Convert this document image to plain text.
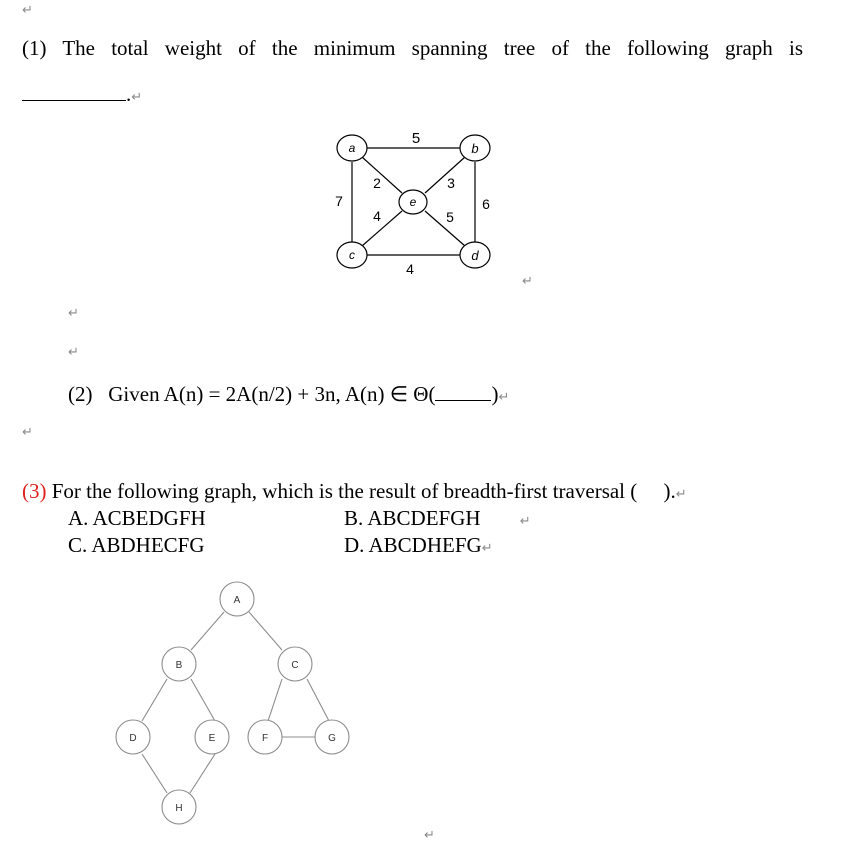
↵
(1) The total weight of the minimum spanning tree of the following graph is
.↵
a	b
e
c	d
5
7	6
4
2	3
4	5
↵
↵
↵
(2) Given A(n) = 2A(n/2) + 3n, A(n) ∈ Θ(	)↵
↵
(3) For the following graph, which is the result of breadth-first traversal ( ).↵
A. ACBEDGFH	B. ABCDEFGH	↵
C. ABDHECFG	D. ABCDHEFG↵
A
B	C
D	E	F	G
H
↵
